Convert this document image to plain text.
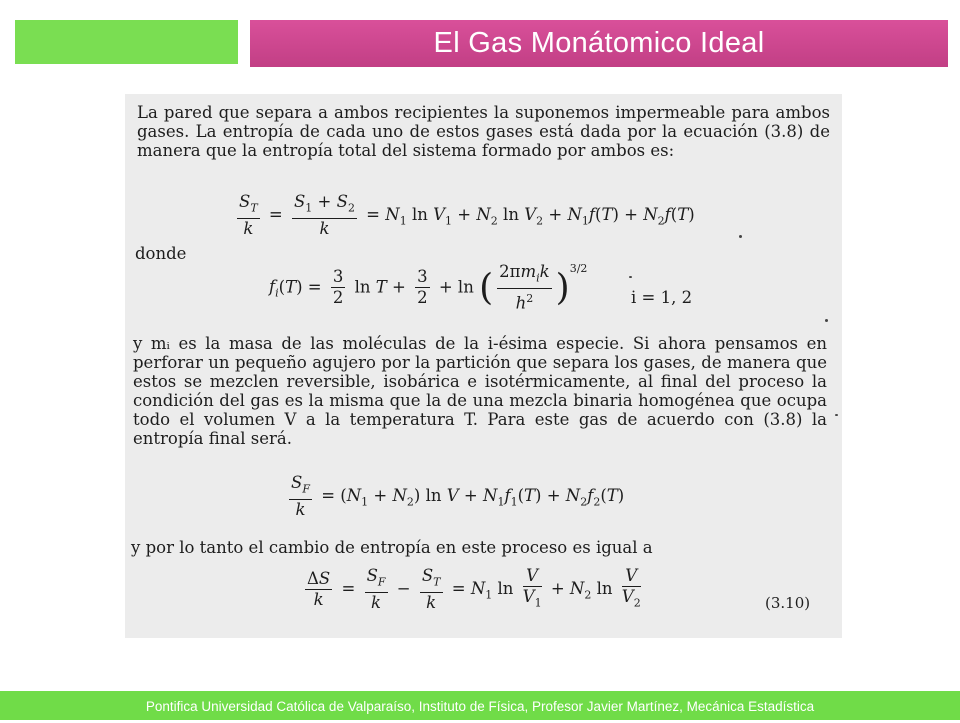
El Gas Monátomico Ideal

La pared que separa a ambos recipientes la suponemos impermeable para ambos gases. La entropía de cada uno de estos gases está dada por la ecuación (3.8) de manera que la entropía total del sistema formado por ambos es:

$\frac{S_T}{k} = \frac{S_1 + S_2}{k} = N_1$ $\ln V_1 + N_2$ $\ln V_2 + N_1f(T) + N_2f(T)$
donde
$f_i(T) = \frac{3}{2}$ $\ln T + \frac{3}{2} + \ln$ ( $\frac{2\pi m_ik}{h^2} )^{3/2}$
i = 1, 2

y mᵢ es la masa de las moléculas de la i-ésima especie. Si ahora pensamos en perforar un pequeño agujero por la partición que separa los gases, de manera que estos se mezclen reversible, isobárica e isotérmicamente, al final del proceso la condición del gas es la misma que la de una mezcla binaria homogénea que ocupa todo el volumen V a la temperatura T. Para este gas de acuerdo con (3.8) la entropía final será.

$\frac{S_F}{k} = (N_1 + N_2)$ $\ln V + N_1f_1(T) + N_2f_2(T)$

y por lo tanto el cambio de entropía en este proceso es igual a

$\frac{\Delta S}{k} = \frac{S_F}{k} - \frac{S_T}{k} = N_1$ $\ln \frac{V}{V_1} + N_2$ $\ln \frac{V}{V_2}$	(3.10)
Pontifica Universidad Católica de Valparaíso, Instituto de Física, Profesor Javier Martínez, Mecánica Estadística
